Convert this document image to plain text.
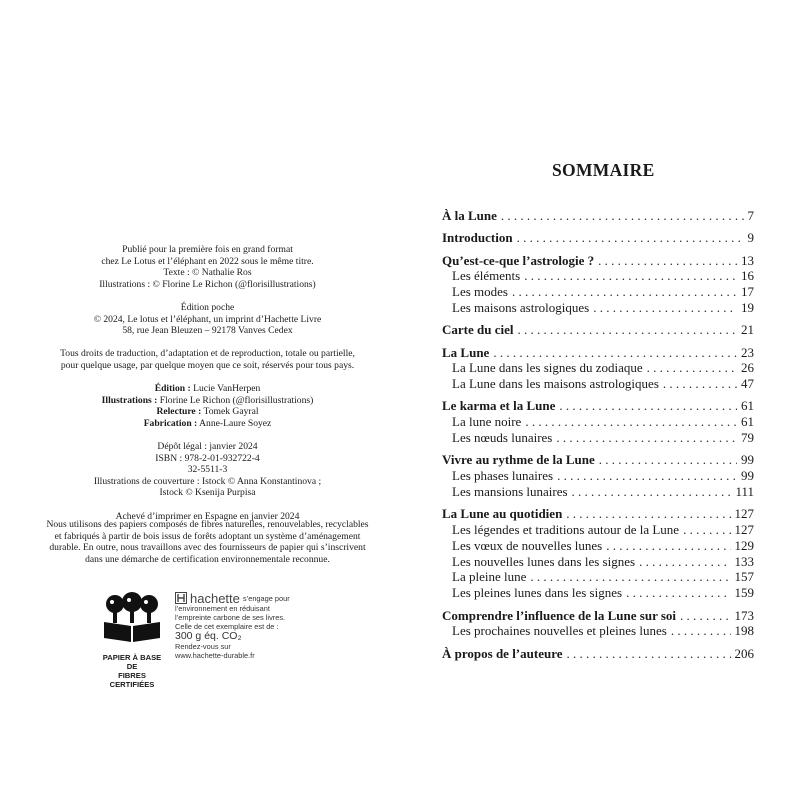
Publié pour la première fois en grand format

chez Le Lotus et l’éléphant en 2022 sous le même titre.

Texte : © Nathalie Ros

Illustrations : © Florine Le Richon (@florisillustrations)

Édition poche

© 2024, Le lotus et l’éléphant, un imprint d’Hachette Livre

58, rue Jean Bleuzen – 92178 Vanves Cedex

Tous droits de traduction, d’adaptation et de reproduction, totale ou partielle,

pour quelque usage, par quelque moyen que ce soit, réservés pour tous pays.

Édition : Lucie VanHerpen

Illustrations : Florine Le Richon (@florisillustrations)

Relecture : Tomek Gayral

Fabrication : Anne-Laure Soyez

Dépôt légal : janvier 2024

ISBN : 978-2-01-932722-4

32-5511-3

Illustrations de couverture : Istock © Anna Konstantinova ;

Istock © Ksenija Purpisa

Achevé d’imprimer en Espagne en janvier 2024

Nous utilisons des papiers composés de fibres naturelles, renouvelables, recyclables

et fabriqués à partir de bois issus de forêts adoptant un système d’aménagement

durable. En outre, nous travaillons avec des fournisseurs de papier qui s’inscrivent

dans une démarche de certification environnementale reconnue.

PAPIER À BASE DE
FIBRES CERTIFIÉES
hachette s’engage pour
l’environnement en réduisant
l’empreinte carbone de ses livres.
Celle de cet exemplaire est de :
300 g éq. CO₂
Rendez-vous sur
www.hachette-durable.fr
SOMMAIRE
À la Lune . . .	7
Introduction . . .	9
Qu’est-ce-que l’astrologie ? . . .	13
Les éléments . . .	16
Les modes . . .	17
Les maisons astrologiques . . .	19
Carte du ciel . . .	21
La Lune . . .	23
La Lune dans les signes du zodiaque . . .	26
La Lune dans les maisons astrologiques . . .	47
Le karma et la Lune . . .	61
La lune noire . . .	61
Les nœuds lunaires . . .	79
Vivre au rythme de la Lune . . .	99
Les phases lunaires . . .	99
Les mansions lunaires . . .	111
La Lune au quotidien . . .	127
Les légendes et traditions autour de la Lune . . .	127
Les vœux de nouvelles lunes . . .	129
Les nouvelles lunes dans les signes . . .	133
La pleine lune . . .	157
Les pleines lunes dans les signes . . .	159
Comprendre l’influence de la Lune sur soi . . .	173
Les prochaines nouvelles et pleines lunes . . .	198
À propos de l’auteure . . .	206
